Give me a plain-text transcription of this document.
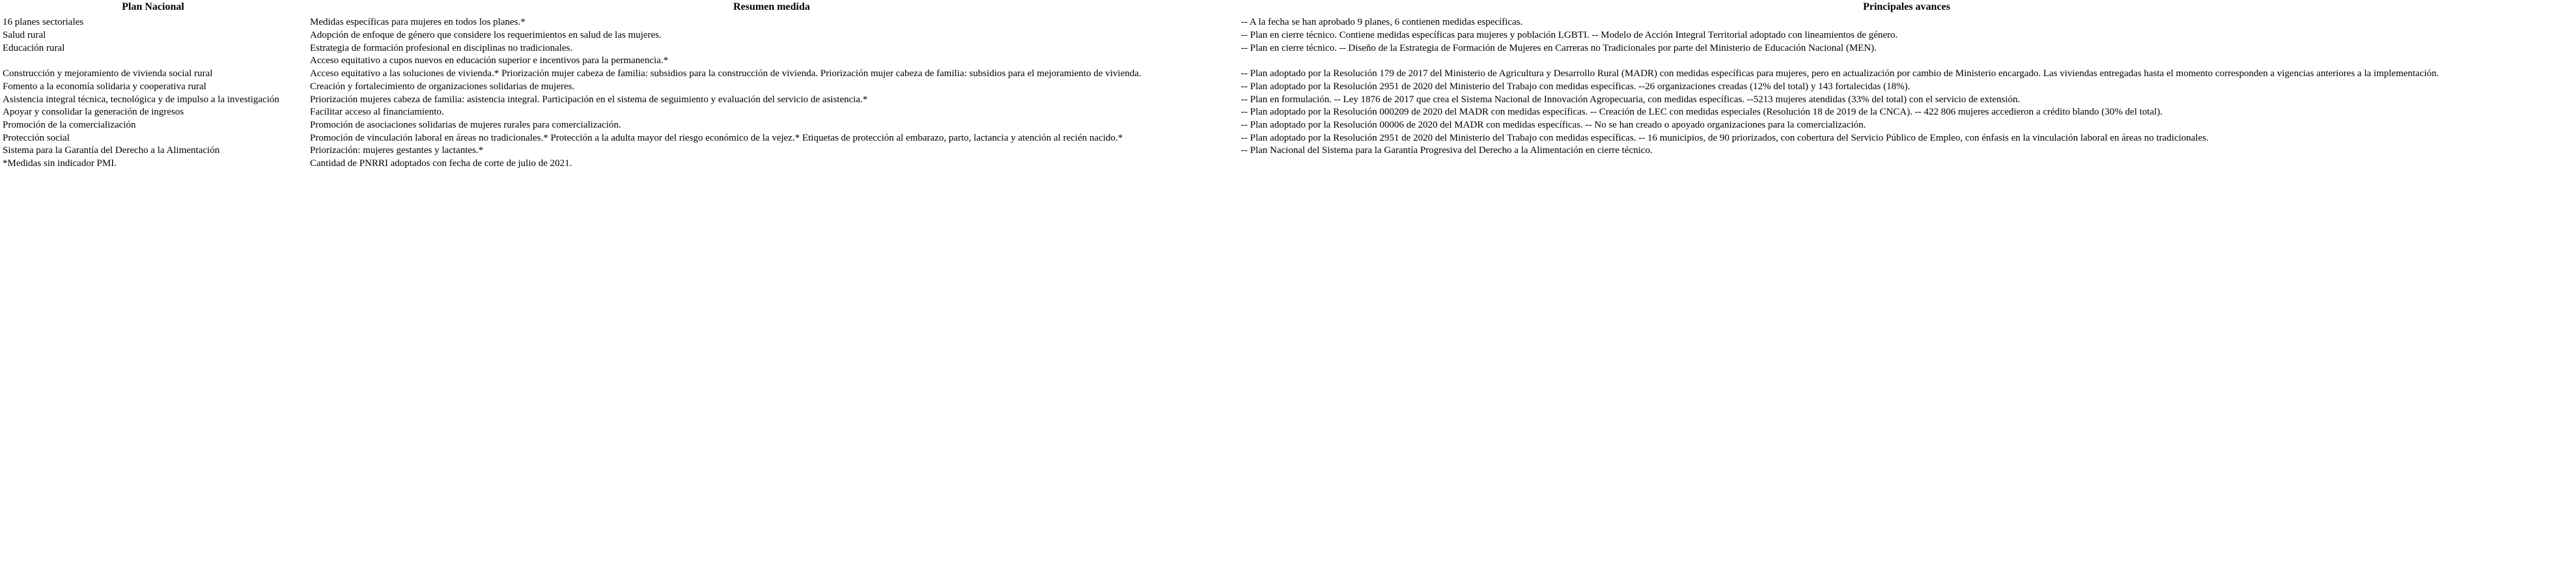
Plan Nacional	Resumen medida	Principales avances
16 planes sectoriales	Medidas específicas para mujeres en todos los planes.*	-- A la fecha se han aprobado 9 planes, 6 contienen medidas específicas.
Salud rural	Adopción de enfoque de género que considere los requerimientos en salud de las mujeres.	-- Plan en cierre técnico. Contiene medidas específicas para mujeres y población LGBTI. -- Modelo de Acción Integral Territorial adoptado con lineamientos de género.
Educación rural	Estrategia de formación profesional en disciplinas no tradicionales.	-- Plan en cierre técnico. -- Diseño de la Estrategia de Formación de Mujeres en Carreras no Tradicionales por parte del Ministerio de Educación Nacional (MEN).
	Acceso equitativo a cupos nuevos en educación superior e incentivos para la permanencia.*	
Construcción y mejoramiento de vivienda social rural	Acceso equitativo a las soluciones de vivienda.* Priorización mujer cabeza de familia: subsidios para la construcción de vivienda. Priorización mujer cabeza de familia: subsidios para el mejoramiento de vivienda.	-- Plan adoptado por la Resolución 179 de 2017 del Ministerio de Agricultura y Desarrollo Rural (MADR) con medidas específicas para mujeres, pero en actualización por cambio de Ministerio encargado. Las viviendas entregadas hasta el momento corresponden a vigencias anteriores a la implementación.
Fomento a la economía solidaria y cooperativa rural	Creación y fortalecimiento de organizaciones solidarias de mujeres.	-- Plan adoptado por la Resolución 2951 de 2020 del Ministerio del Trabajo con medidas específicas. --26 organizaciones creadas (12% del total) y 143 fortalecidas (18%).
Asistencia integral técnica, tecnológica y de impulso a la investigación	Priorización mujeres cabeza de familia: asistencia integral. Participación en el sistema de seguimiento y evaluación del servicio de asistencia.*	-- Plan en formulación. -- Ley 1876 de 2017 que crea el Sistema Nacional de Innovación Agropecuaria, con medidas específicas. --5213 mujeres atendidas (33% del total) con el servicio de extensión.
Apoyar y consolidar la generación de ingresos	Facilitar acceso al financiamiento.	-- Plan adoptado por la Resolución 000209 de 2020 del MADR con medidas específicas. -- Creación de LEC con medidas especiales (Resolución 18 de 2019 de la CNCA). -- 422 806 mujeres accedieron a crédito blando (30% del total).
Promoción de la comercialización	Promoción de asociaciones solidarias de mujeres rurales para comercialización.	-- Plan adoptado por la Resolución 00006 de 2020 del MADR con medidas específicas. -- No se han creado o apoyado organizaciones para la comercialización.
Protección social	Promoción de vinculación laboral en áreas no tradicionales.* Protección a la adulta mayor del riesgo económico de la vejez.* Etiquetas de protección al embarazo, parto, lactancia y atención al recién nacido.*	-- Plan adoptado por la Resolución 2951 de 2020 del Ministerio del Trabajo con medidas específicas. -- 16 municipios, de 90 priorizados, con cobertura del Servicio Público de Empleo, con énfasis en la vinculación laboral en áreas no tradicionales.
Sistema para la Garantía del Derecho a la Alimentación	Priorización: mujeres gestantes y lactantes.*	-- Plan Nacional del Sistema para la Garantía Progresiva del Derecho a la Alimentación en cierre técnico.
*Medidas sin indicador PMI.	Cantidad de PNRRI adoptados con fecha de corte de julio de 2021.	
